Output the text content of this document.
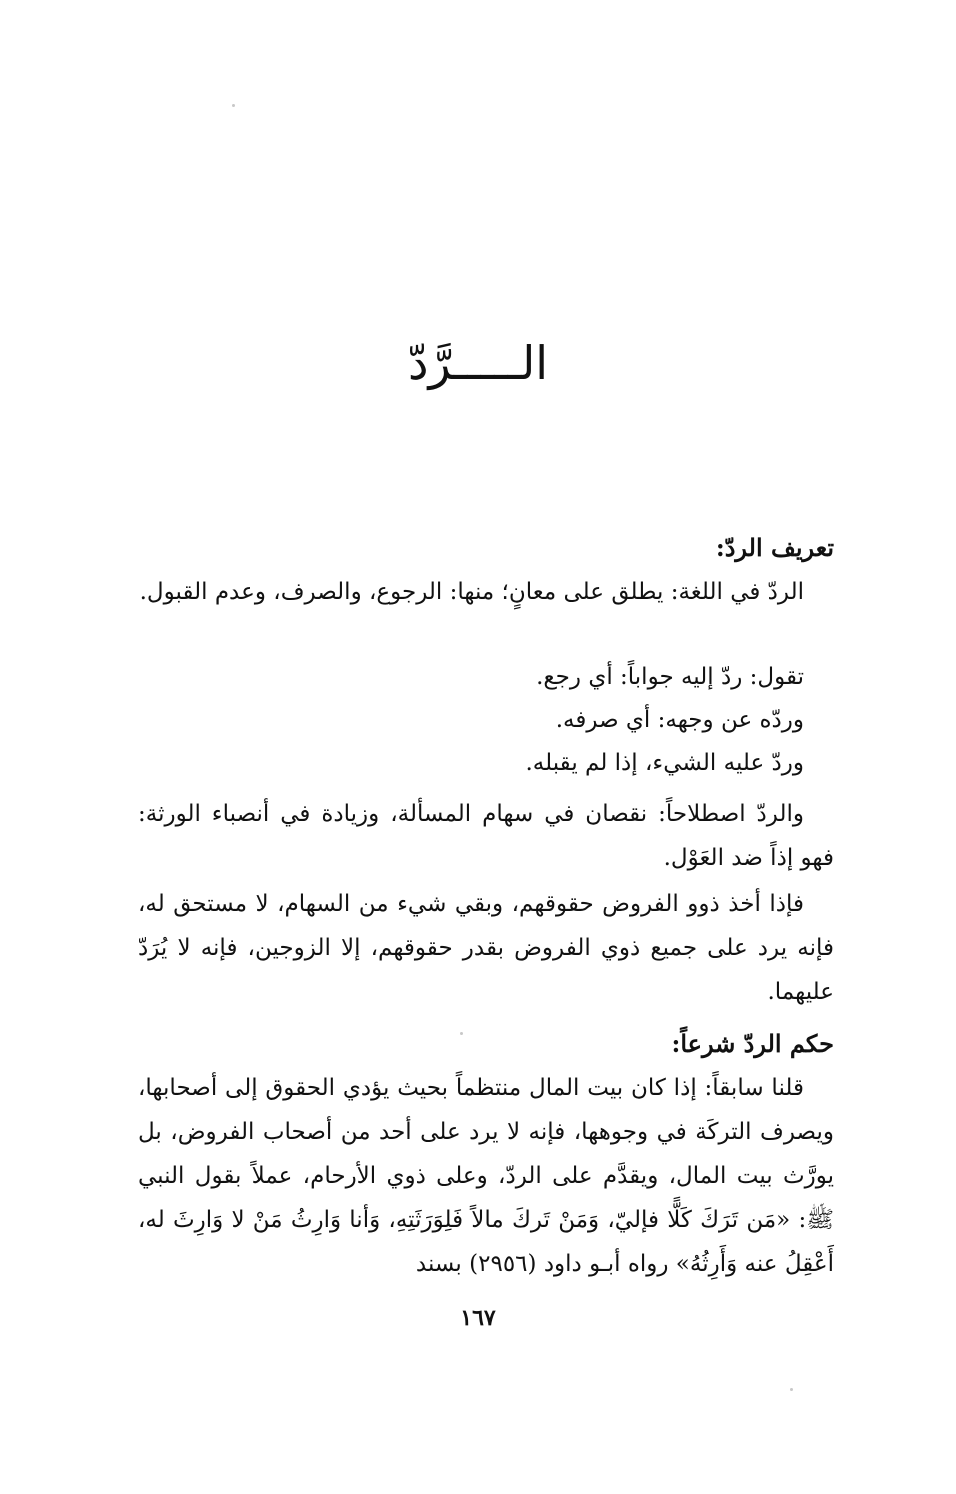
الـــــرَّدّ
تعريف الردّ:
الردّ في اللغة: يطلق على معانٍ؛ منها: الرجوع، والصرف، وعدم القبول.
تقول: ردّ إليه جواباً: أي رجع.
وردّه عن وجهه: أي صرفه.
وردّ عليه الشيء، إذا لم يقبله.
والردّ اصطلاحاً: نقصان في سهام المسألة، وزيادة في أنصباء الورثة: فهو إذاً ضد العَوْل.
فإذا أخذ ذوو الفروض حقوقهم، وبقي شيء من السهام، لا مستحق له، فإنه يرد على جميع ذوي الفروض بقدر حقوقهم، إلا الزوجين، فإنه لا يُرَدّ عليهما.
حكم الردّ شرعاً:
قلنا سابقاً: إذا كان بيت المال منتظماً بحيث يؤدي الحقوق إلى أصحابها، ويصرف التركَة في وجوهها، فإنه لا يرد على أحد من أصحاب الفروض، بل يورَّث بيت المال، ويقدَّم على الردّ، وعلى ذوي الأرحام، عملاً بقول النبي ﷺ: «مَن تَرَكَ كَلًّا فإليّ، وَمَنْ تَركَ مالاً فَلِوَرَثَتِهِ، وَأنا وَارِثُ مَنْ لا وَارِثَ له، أَعْقِلُ عنه وَأَرِثُهُ» رواه أبـو داود (٢٩٥٦) بسند
١٦٧
